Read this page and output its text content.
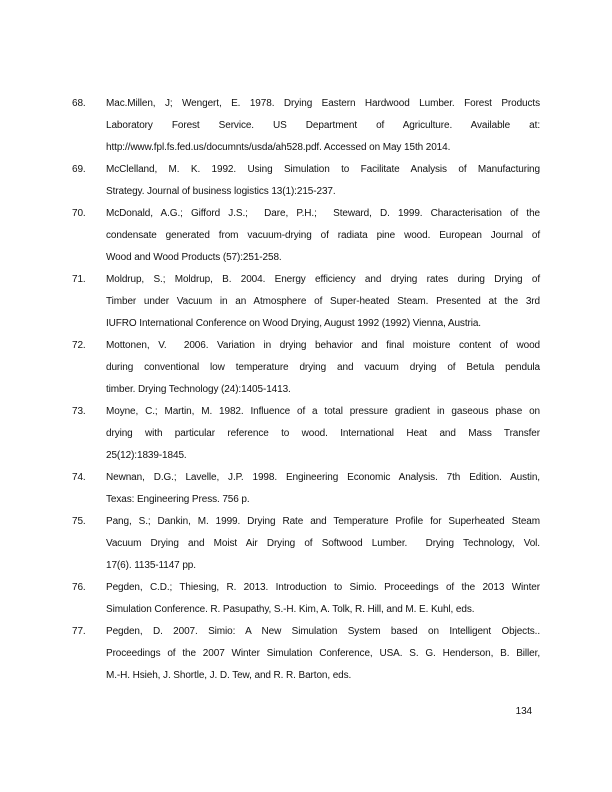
68.	Mac.Millen, J; Wengert, E. 1978. Drying Eastern Hardwood Lumber. Forest Products
Laboratory Forest Service. US Department of Agriculture. Available at:
http://www.fpl.fs.fed.us/documnts/usda/ah528.pdf. Accessed on May 15th 2014.
69.	McClelland, M. K. 1992. Using Simulation to Facilitate Analysis of Manufacturing
Strategy. Journal of business logistics 13(1):215-237.
70.	McDonald, A.G.; Gifford J.S.;  Dare, P.H.;  Steward, D. 1999. Characterisation of the
condensate generated from vacuum-drying of radiata pine wood. European Journal of
Wood and Wood Products (57):251-258.
71.	Moldrup, S.; Moldrup, B. 2004. Energy efficiency and drying rates during Drying of
Timber under Vacuum in an Atmosphere of Super-heated Steam. Presented at the 3rd
IUFRO International Conference on Wood Drying, August 1992 (1992) Vienna, Austria.
72.	Mottonen, V.  2006. Variation in drying behavior and final moisture content of wood
during conventional low temperature drying and vacuum drying of Betula pendula
timber. Drying Technology (24):1405-1413.
73.	Moyne, C.; Martin, M. 1982. Influence of a total pressure gradient in gaseous phase on
drying with particular reference to wood. International Heat and Mass Transfer
25(12):1839-1845.
74.	Newnan, D.G.; Lavelle, J.P. 1998. Engineering Economic Analysis. 7th Edition. Austin,
Texas: Engineering Press. 756 p.
75.	Pang, S.; Dankin, M. 1999. Drying Rate and Temperature Profile for Superheated Steam
Vacuum Drying and Moist Air Drying of Softwood Lumber.  Drying Technology, Vol.
17(6). 1135-1147 pp.
76.	Pegden, C.D.; Thiesing, R. 2013. Introduction to Simio. Proceedings of the 2013 Winter
Simulation Conference. R. Pasupathy, S.-H. Kim, A. Tolk, R. Hill, and M. E. Kuhl, eds.
77.	Pegden, D. 2007. Simio: A New Simulation System based on Intelligent Objects..
Proceedings of the 2007 Winter Simulation Conference, USA. S. G. Henderson, B. Biller,
M.-H. Hsieh, J. Shortle, J. D. Tew, and R. R. Barton, eds.
134
